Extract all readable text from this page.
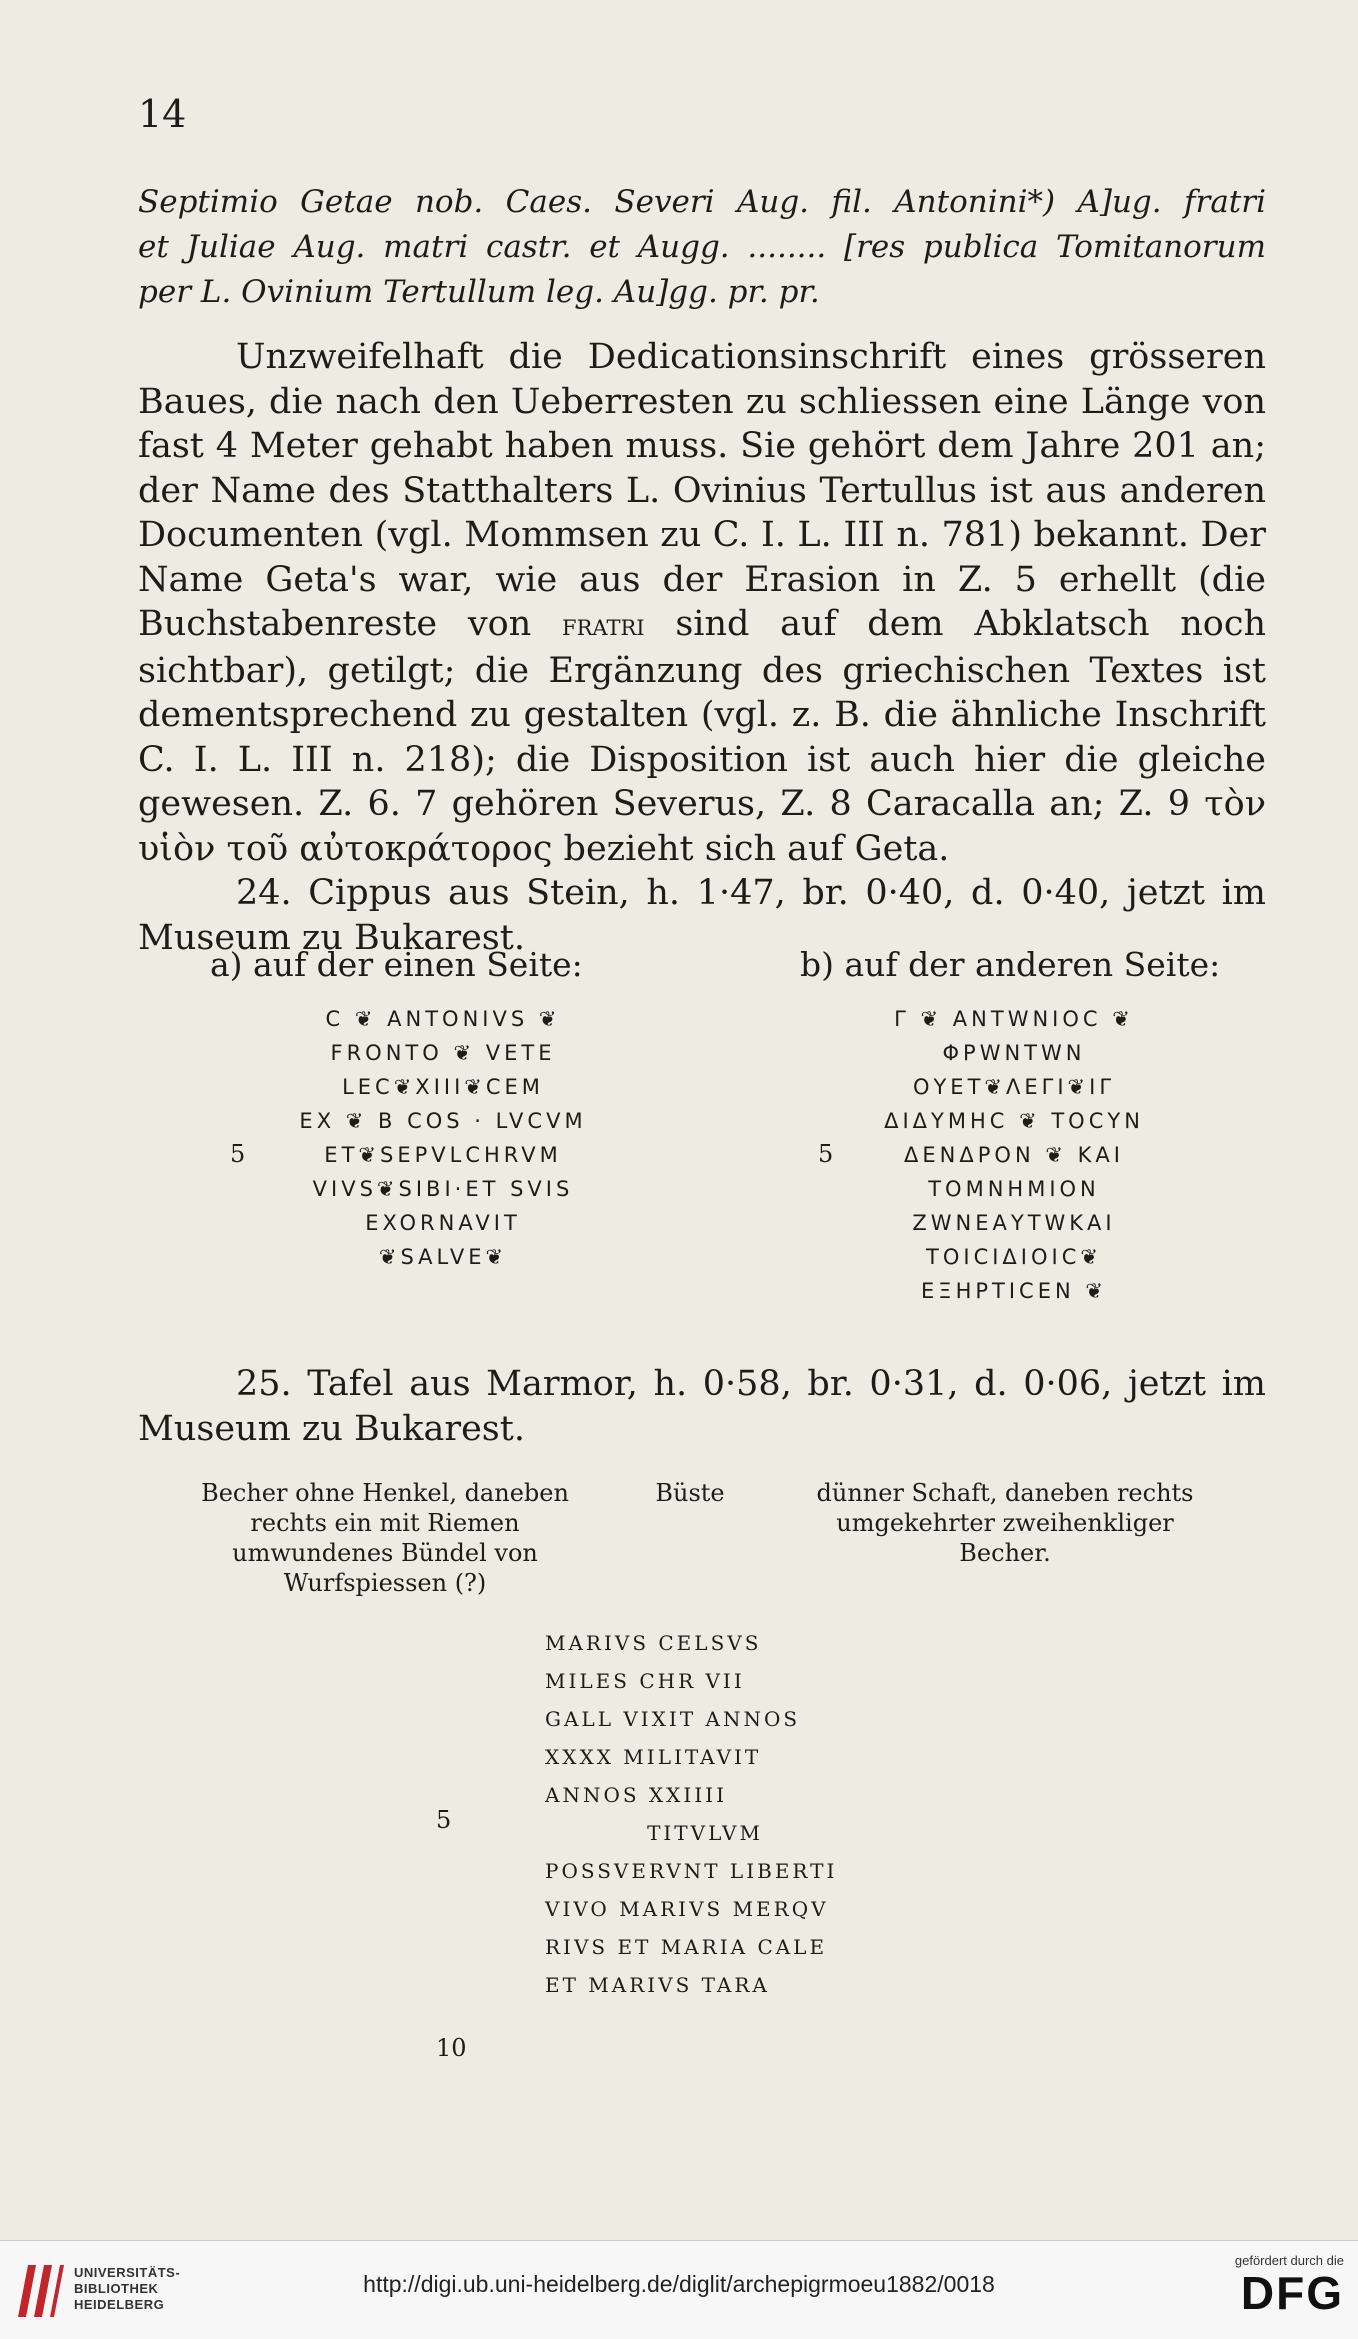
14
Septimio Getae nob. Caes. Severi Aug. fil. Antonini*) A]ug. fratri
et Juliae Aug. matri castr. et Augg. ........ [res publica Tomitanorum
per L. Ovinium Tertullum leg. Au]gg. pr. pr.

Unzweifelhaft die Dedicationsinschrift eines grösseren Baues, die nach den Ueberresten zu schliessen eine Länge von fast 4 Meter gehabt haben muss. Sie gehört dem Jahre 201 an; der Name des Statthalters L. Ovinius Tertullus ist aus anderen Documenten (vgl. Mommsen zu C. I. L. III n. 781) bekannt. Der Name Geta's war, wie aus der Erasion in Z. 5 erhellt (die Buchstabenreste von fratri sind auf dem Abklatsch noch sichtbar), getilgt; die Ergänzung des griechischen Textes ist dementsprechend zu gestalten (vgl. z. B. die ähnliche Inschrift C. I. L. III n. 218); die Disposition ist auch hier die gleiche gewesen. Z. 6. 7 gehören Severus, Z. 8 Caracalla an; Z. 9 τὸν υἱὸν τοῦ αὐτοκράτορος bezieht sich auf Geta.

24. Cippus aus Stein, h. 1·47, br. 0·40, d. 0·40, jetzt im Museum zu Bukarest.

a) auf der einen Seite:	b) auf der anderen Seite:
C ❦ ANTONIVS ❦
FRONTO ❦ VETE
LEC❦XIII❦CEM
EX ❦ B COS · LVCVM
ET❦SEPVLCHRVM
VIVS❦SIBI·ET SVIS
EXORNAVIT
❦SALVE❦
5
Γ ❦ ΑΝΤWΝΙΟC ❦
ΦΡWΝΤWΝ
ΟΥΕΤ❦ΛΕΓΙ❦ΙΓ
ΔΙΔΥΜΗC ❦ ΤΟCΥΝ
ΔΕΝΔΡΟΝ ❦ ΚΑΙ
ΤΟΜΝΗΜΙΟΝ
ΖWΝΕΑΥΤWΚΑΙ
ΤΟΙCΙΔΙΟΙC❦
ΕΞΗΡΤΙCΕΝ ❦
5

25. Tafel aus Marmor, h. 0·58, br. 0·31, d. 0·06, jetzt im Museum zu Bukarest.

Becher ohne Henkel, daneben rechts ein mit Riemen umwundenes Bündel von Wurfspiessen (?)
Büste	dünner Schaft, daneben rechts umgekehrter zweihenkliger Becher.
MARIVS CELSVS
MILES CHR VII
GALL VIXIT ANNOS
XXXX MILITAVIT
ANNOS XXIIII
TITVLVM
POSSVERVNT LIBERTI
VIVO MARIVS MERQV
RIVS ET MARIA CALE
ET MARIVS TARA
5
10
UNIVERSITÄTS-
BIBLIOTHEK
HEIDELBERG
http://digi.ub.uni-heidelberg.de/diglit/archepigrmoeu1882/0018
gefördert durch die
DFG
